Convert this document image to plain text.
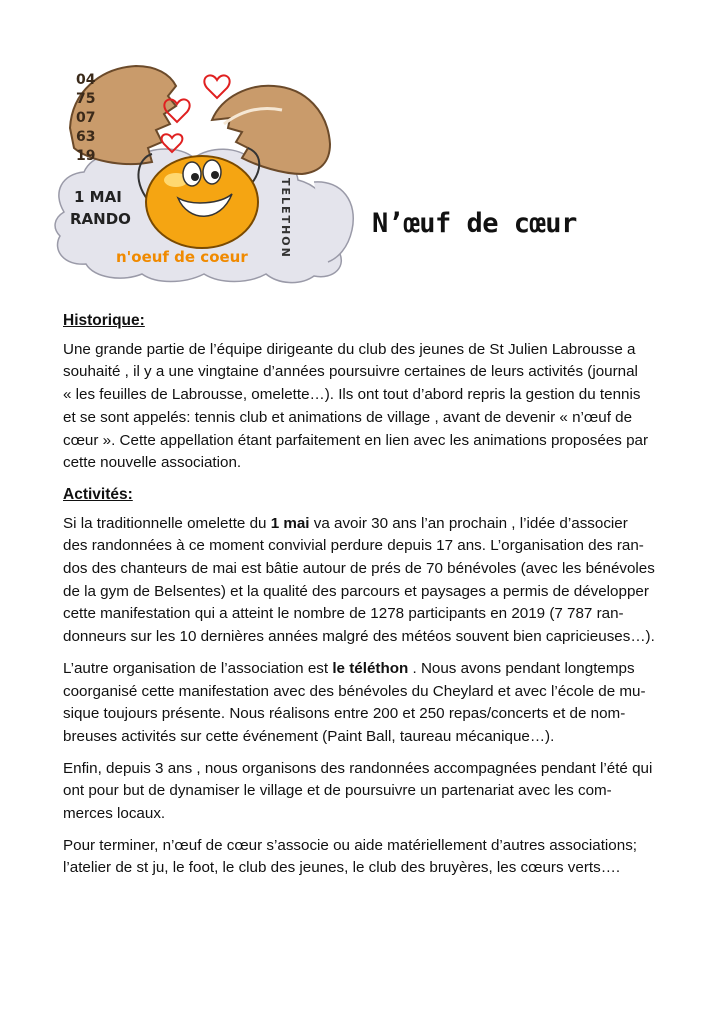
04
75
07
63
19
1 MAI
RANDO	TELETHON
n'oeuf de coeur
N’œuf de cœur
Historique:

Une grande partie de l’équipe dirigeante du club des jeunes de St Julien Labrousse a
souhaité , il y a une vingtaine d’années poursuivre certaines de leurs activités (journal
« les feuilles de Labrousse, omelette…). Ils ont tout d’abord repris la gestion du tennis
et se sont appelés: tennis club et animations de village , avant de devenir « n’œuf de
cœur ». Cette appellation étant parfaitement en lien avec les animations proposées par
cette nouvelle association.

Activités:

Si la traditionnelle omelette du 1 mai va avoir 30 ans l’an prochain , l’idée d’associer
des randonnées à ce moment convivial perdure depuis 17 ans. L’organisation des ran-
dos des chanteurs de mai est bâtie autour de prés de 70 bénévoles (avec les bénévoles
de la gym de Belsentes) et la qualité des parcours et paysages a permis de développer
cette manifestation qui a atteint le nombre de 1278 participants en 2019 (7 787 ran-
donneurs sur les 10 dernières années malgré des météos souvent bien capricieuses…).

L’autre organisation de l’association est le téléthon . Nous avons pendant longtemps
coorganisé cette manifestation avec des bénévoles du Cheylard et avec l’école de mu-
sique toujours présente. Nous réalisons entre 200 et 250 repas/concerts et de nom-
breuses activités sur cette événement (Paint Ball, taureau mécanique…).

Enfin, depuis 3 ans , nous organisons des randonnées accompagnées pendant l’été qui
ont pour but de dynamiser le village et de poursuivre un partenariat avec les com-
merces locaux.

Pour terminer, n’œuf de cœur s’associe ou aide matériellement d’autres associations;
l’atelier de st ju, le foot, le club des jeunes, le club des bruyères, les cœurs verts….
